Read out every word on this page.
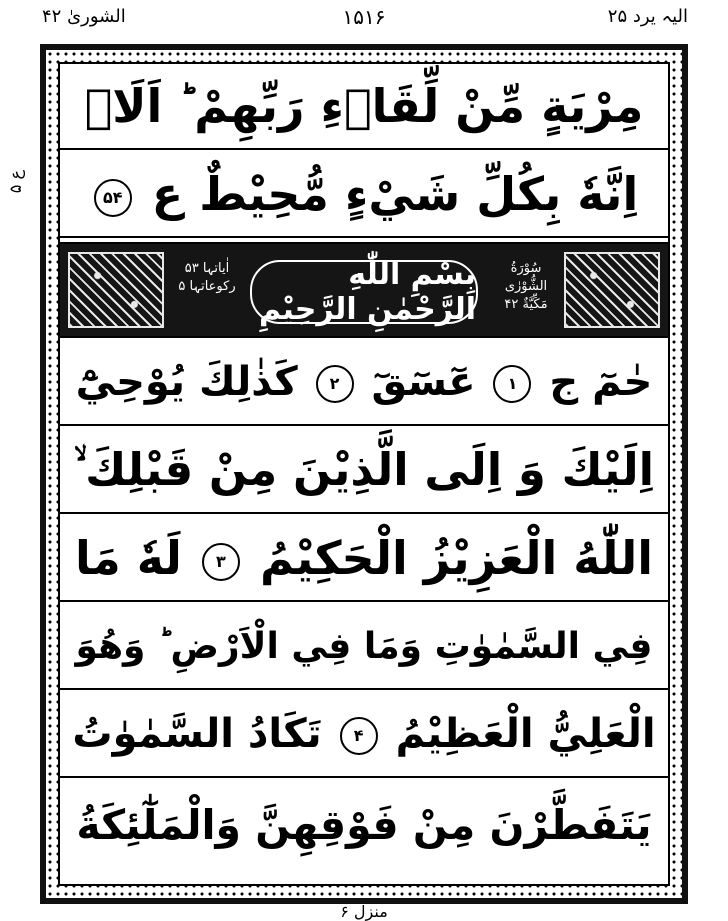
الشوریٰ ۴۲	۱۵۱۶	الیہ یرد ۲۵
ع ۵
مِرْيَةٍ مِّنْ لِّقَاۤءِ رَبِّهِمْ ؕ اَلَاۤ
اِنَّهٗ بِكُلِّ شَيْءٍ مُّحِيْطٌ ع ۵۴
اٰیاتہا ۵۳
رکوعاتہا ۵	بِسْمِ اللّٰهِ الرَّحْمٰنِ الرَّحِيْمِ
سُوْرَةُ
الشُّوْرٰى
مَكِّيَّةٌ ۴۲
حٰمٓ ج ۱ عٓسٓقٓ ۲ كَذٰلِكَ يُوْحِيْٓ
اِلَيْكَ وَ اِلَى الَّذِيْنَ مِنْ قَبْلِكَ ۙ
اللّٰهُ الْعَزِيْزُ الْحَكِيْمُ ۳ لَهٗ مَا
فِي السَّمٰوٰتِ وَمَا فِي الْاَرْضِ ؕ وَهُوَ
الْعَلِيُّ الْعَظِيْمُ ۴ تَكَادُ السَّمٰوٰتُ
يَتَفَطَّرْنَ مِنْ فَوْقِهِنَّ وَالْمَلٰٓئِكَةُ
منزل ۶
